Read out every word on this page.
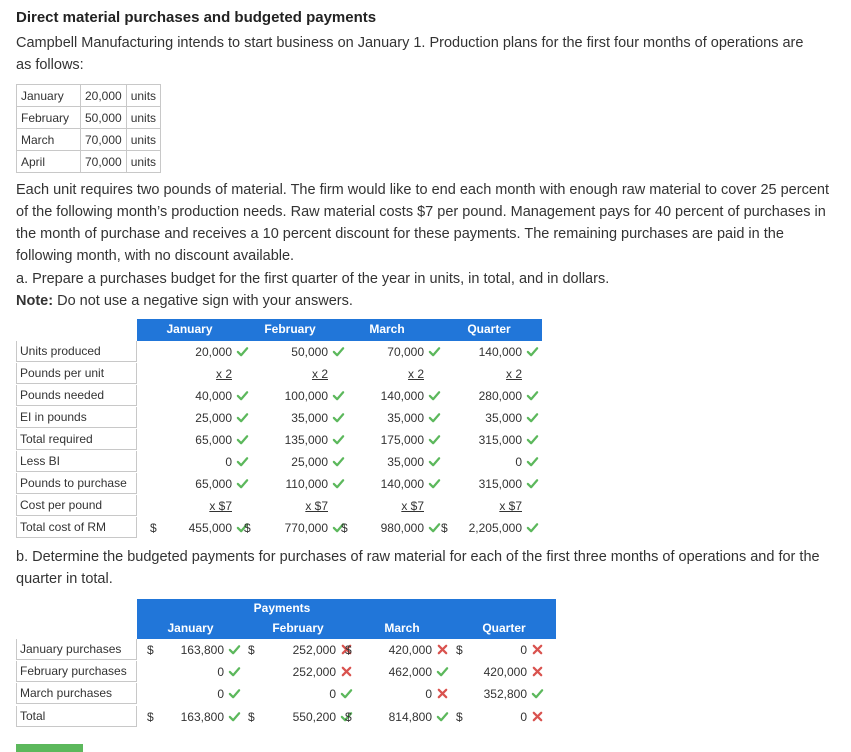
Direct material purchases and budgeted payments
Campbell Manufacturing intends to start business on January 1. Production plans for the first four months of operations are as follows:
January	20,000	units
February	50,000	units
March	70,000	units
April	70,000	units
Each unit requires two pounds of material. The firm would like to end each month with enough raw material to cover 25 percent of the following month’s production needs. Raw material costs $7 per pound. Management pays for 40 percent of purchases in the month of purchase and receives a 10 percent discount for these payments. The remaining purchases are paid in the following month, with no discount available.
a. Prepare a purchases budget for the first quarter of the year in units, in total, and in dollars.
Note: Do not use a negative sign with your answers.
January	February	March	Quarter
Units produced	20,000	50,000	70,000	140,000
Pounds per unit	x 2	x 2	x 2	x 2
Pounds needed	40,000	100,000	140,000	280,000
EI in pounds	25,000	35,000	35,000	35,000
Total required	65,000	135,000	175,000	315,000
Less BI	0	25,000	35,000	0
Pounds to purchase	65,000	110,000	140,000	315,000
Cost per pound	x $7	x $7	x $7	x $7
Total cost of RM	$	455,000 $	770,000 $	980,000 $ 2,205,000
b. Determine the budgeted payments for purchases of raw material for each of the first three months of operations and for the quarter in total.
Payments
January	February	March	Quarter
January purchases	$ 163,800 $	252,000 $	420,000 $	0
February purchases	0	252,000	462,000	420,000
March purchases	0	0	0	352,800
Total	$ 163,800 $	550,200 $	814,800 $	0
